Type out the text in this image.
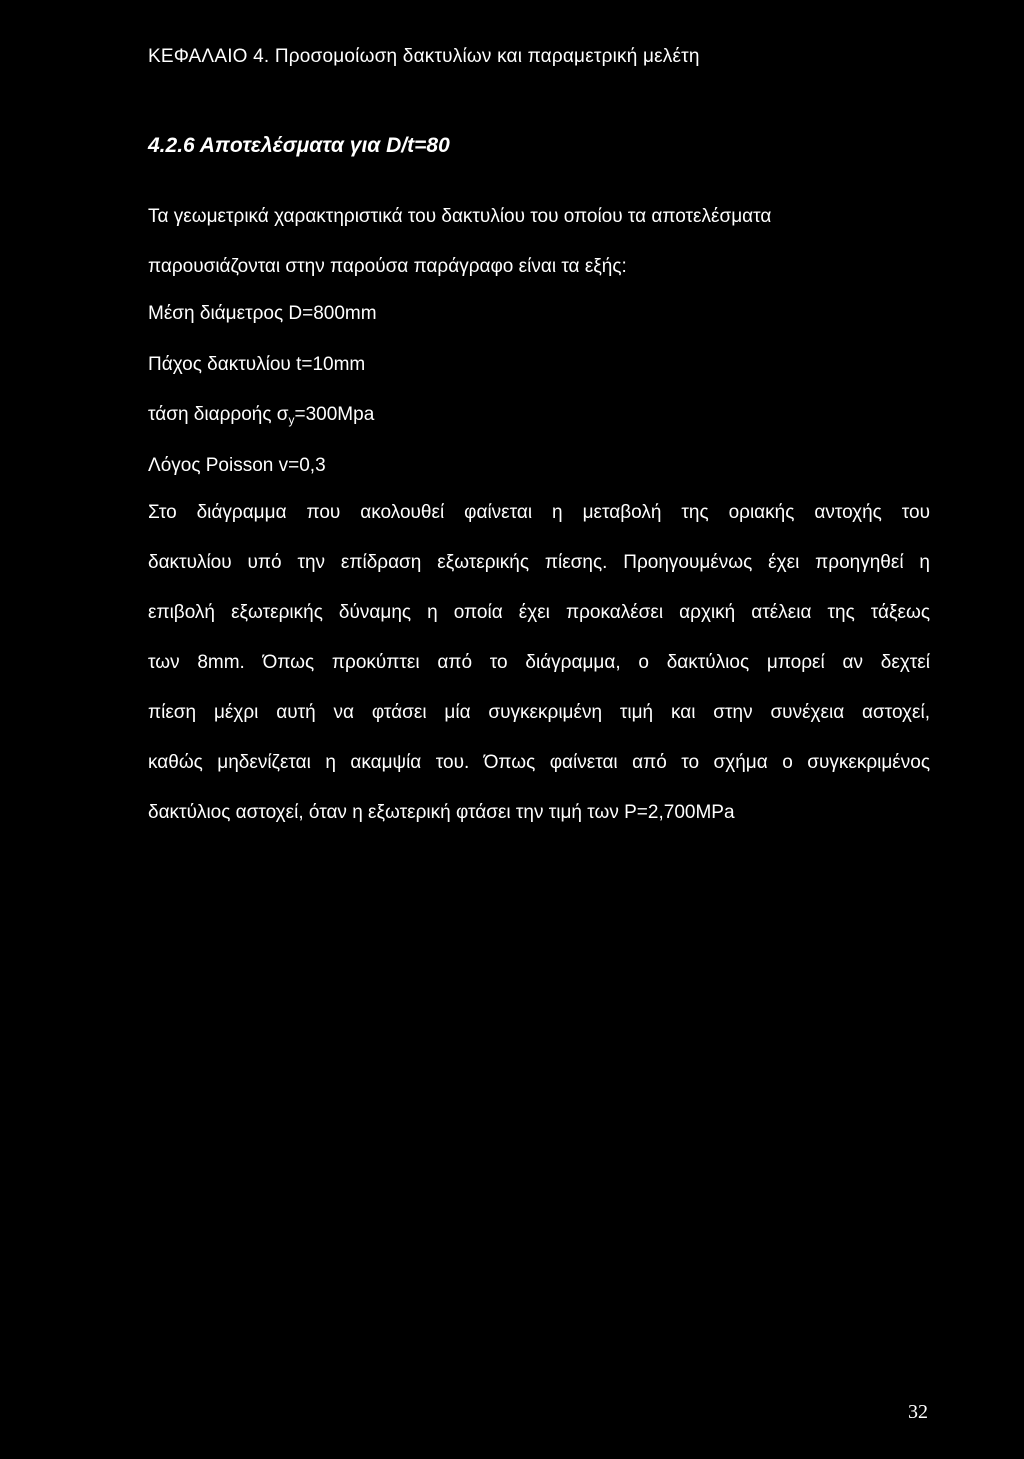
ΚΕΦΑΛΑΙΟ 4. Προσομοίωση δακτυλίων και παραμετρική μελέτη
4.2.6 Αποτελέσματα για D/t=80
Τα γεωμετρικά χαρακτηριστικά του δακτυλίου του οποίου τα αποτελέσματα
παρουσιάζονται στην παρούσα παράγραφο είναι τα εξής:
Μέση διάμετρος D=800mm
Πάχος δακτυλίου t=10mm
τάση διαρροής $\sigma_y=300Mpa$
Λόγος Poisson v=0,3
Στο διάγραμμα που ακολουθεί φαίνεται η μεταβολή της οριακής αντοχής του
δακτυλίου υπό την επίδραση εξωτερικής πίεσης. Προηγουμένως έχει προηγηθεί η
επιβολή εξωτερικής δύναμης η οποία έχει προκαλέσει αρχική ατέλεια της τάξεως
των 8mm. Όπως προκύπτει από το διάγραμμα, ο δακτύλιος μπορεί αν δεχτεί
πίεση μέχρι αυτή να φτάσει μία συγκεκριμένη τιμή και στην συνέχεια αστοχεί,
καθώς μηδενίζεται η ακαμψία του. Όπως φαίνεται από το σχήμα ο συγκεκριμένος
δακτύλιος αστοχεί, όταν η εξωτερική φτάσει την τιμή των P=2,700MPa
32
